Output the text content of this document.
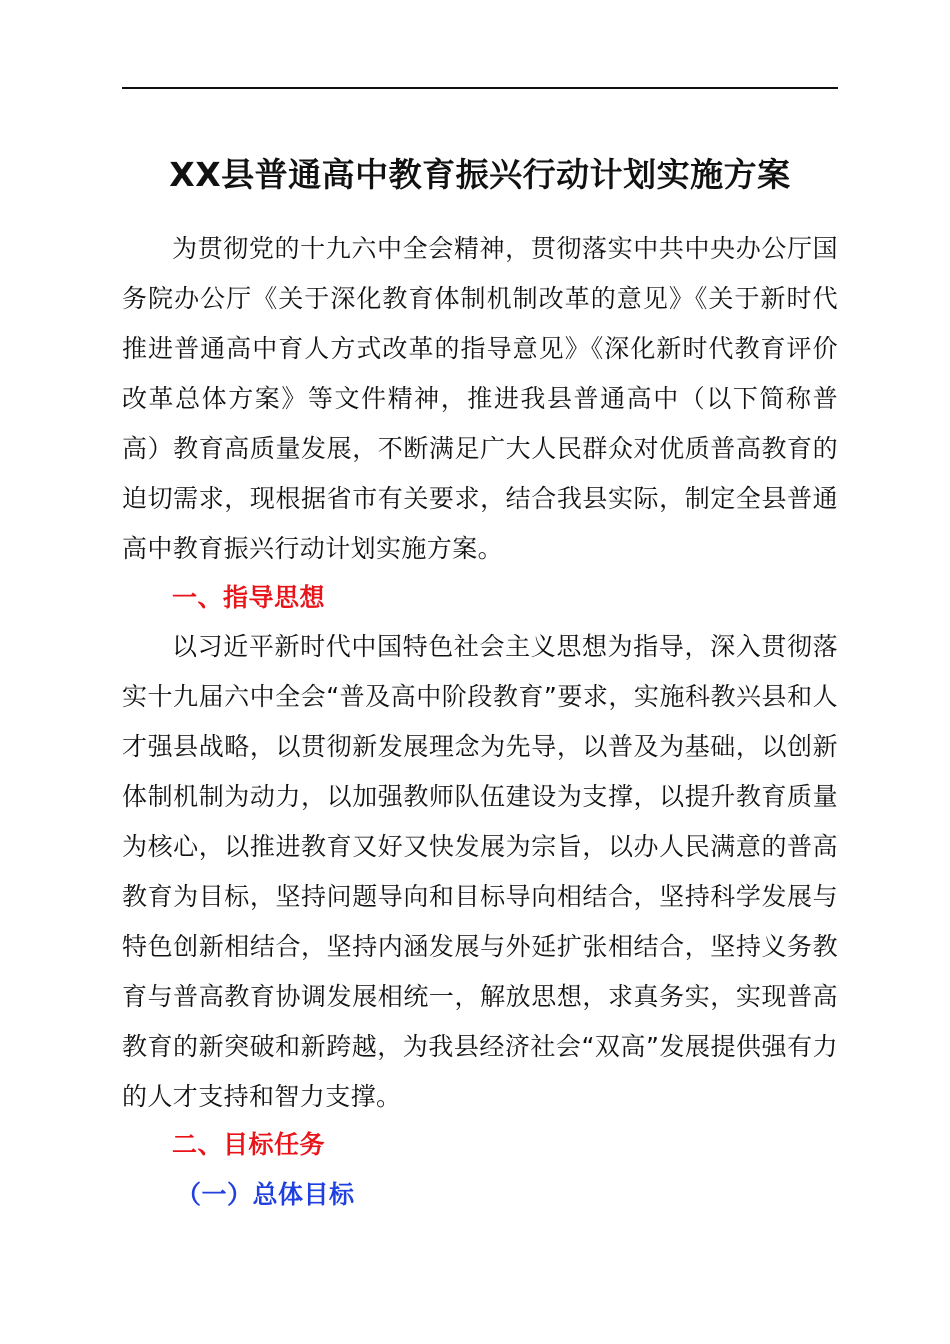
XX县普通高中教育振兴行动计划实施方案

为贯彻党的十九六中全会精神，贯彻落实中共中央办公厅国务院办公厅《关于深化教育体制机制改革的意见》《关于新时代推进普通高中育人方式改革的指导意见》《深化新时代教育评价改革总体方案》等文件精神，推进我县普通高中（以下简称普高）教育高质量发展，不断满足广大人民群众对优质普高教育的迫切需求，现根据省市有关要求，结合我县实际，制定全县普通高中教育振兴行动计划实施方案。

一、指导思想

以习近平新时代中国特色社会主义思想为指导，深入贯彻落实十九届六中全会“普及高中阶段教育”要求，实施科教兴县和人才强县战略，以贯彻新发展理念为先导，以普及为基础，以创新体制机制为动力，以加强教师队伍建设为支撑，以提升教育质量为核心，以推进教育又好又快发展为宗旨，以办人民满意的普高教育为目标，坚持问题导向和目标导向相结合，坚持科学发展与特色创新相结合，坚持内涵发展与外延扩张相结合，坚持义务教育与普高教育协调发展相统一，解放思想，求真务实，实现普高教育的新突破和新跨越，为我县经济社会“双高”发展提供强有力的人才支持和智力支撑。

二、目标任务
（一）总体目标
